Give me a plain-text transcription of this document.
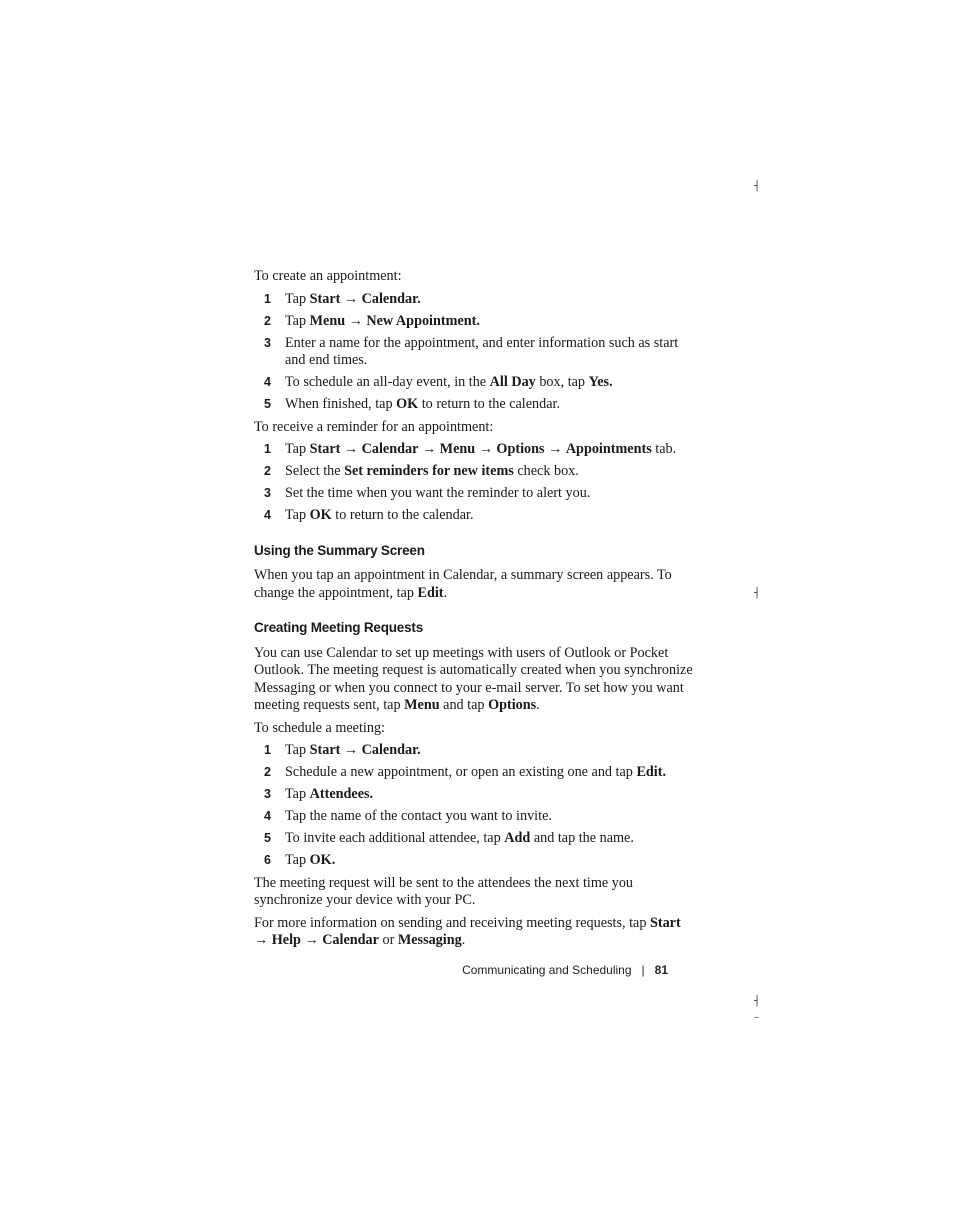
┤
┤
┤
–

To create an appointment:

1 Tap Start → Calendar.
2 Tap Menu → New Appointment.
3 Enter a name for the appointment, and enter information such as start and end times.
4 To schedule an all-day event, in the All Day box, tap Yes.
5 When finished, tap OK to return to the calendar.

To receive a reminder for an appointment:

1 Tap Start → Calendar → Menu → Options → Appointments tab.
2 Select the Set reminders for new items check box.
3 Set the time when you want the reminder to alert you.
4 Tap OK to return to the calendar.
Using the Summary Screen

When you tap an appointment in Calendar, a summary screen appears. To change the appointment, tap Edit.

Creating Meeting Requests

You can use Calendar to set up meetings with users of Outlook or Pocket Outlook. The meeting request is automatically created when you synchronize Messaging or when you connect to your e-mail server. To set how you want meeting requests sent, tap Menu and tap Options.

To schedule a meeting:

1 Tap Start → Calendar.
2 Schedule a new appointment, or open an existing one and tap Edit.
3 Tap Attendees.
4 Tap the name of the contact you want to invite.
5 To invite each additional attendee, tap Add and tap the name.
6 Tap OK.

The meeting request will be sent to the attendees the next time you synchronize your device with your PC.

For more information on sending and receiving meeting requests, tap Start → Help → Calendar or Messaging.

Communicating and Scheduling | 81
